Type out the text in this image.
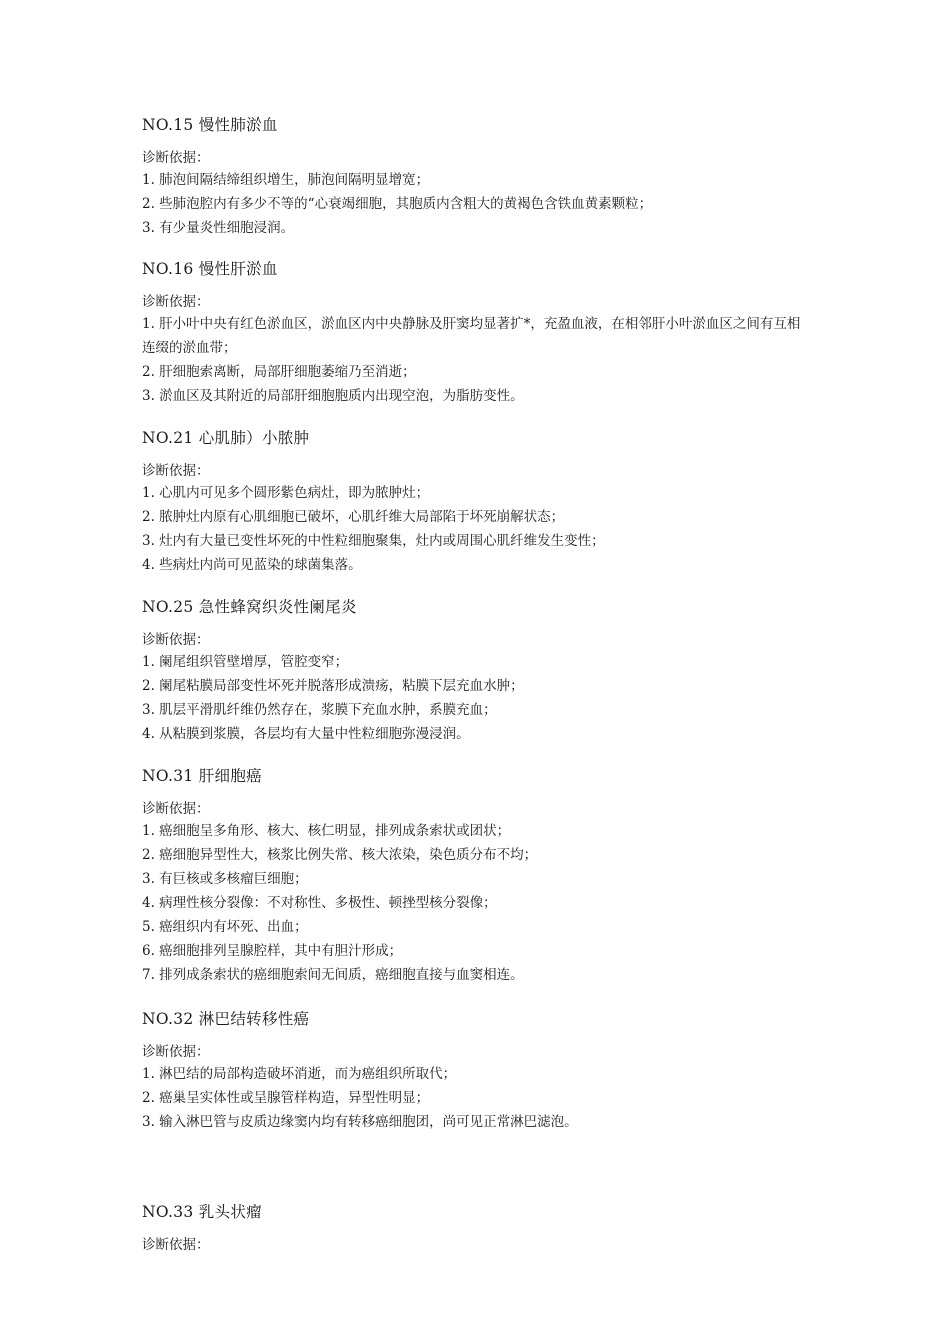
NO.15 慢性肺淤血
诊断依据：
1. 肺泡间隔结缔组织增生，肺泡间隔明显增宽；
2. 些肺泡腔内有多少不等的“心衰竭细胞，其胞质内含粗大的黄褐色含铁血黄素颗粒；
3. 有少量炎性细胞浸润。
NO.16 慢性肝淤血
诊断依据：
1. 肝小叶中央有红色淤血区，淤血区内中央静脉及肝窦均显著扩*，充盈血液，在相邻肝小叶淤血区之间有互相连缀的淤血带；
2. 肝细胞索离断，局部肝细胞萎缩乃至消逝；
3. 淤血区及其附近的局部肝细胞胞质内出现空泡，为脂肪变性。
NO.21 心肌肺）小脓肿
诊断依据：
1. 心肌内可见多个圆形紫色病灶，即为脓肿灶；
2. 脓肿灶内原有心肌细胞已破坏，心肌纤维大局部陷于坏死崩解状态；
3. 灶内有大量已变性坏死的中性粒细胞聚集，灶内或周围心肌纤维发生变性；
4. 些病灶内尚可见蓝染的球菌集落。
NO.25 急性蜂窝织炎性阑尾炎
诊断依据：
1. 阑尾组织管壁增厚，管腔变窄；
2. 阑尾粘膜局部变性坏死并脱落形成溃疡，粘膜下层充血水肿；
3. 肌层平滑肌纤维仍然存在，浆膜下充血水肿，系膜充血；
4. 从粘膜到浆膜，各层均有大量中性粒细胞弥漫浸润。
NO.31 肝细胞癌
诊断依据：
1. 癌细胞呈多角形、核大、核仁明显，排列成条索状或团状；
2. 癌细胞异型性大，核浆比例失常、核大浓染，染色质分布不均；
3. 有巨核或多核瘤巨细胞；
4. 病理性核分裂像：不对称性、多极性、顿挫型核分裂像；
5. 癌组织内有坏死、出血；
6. 癌细胞排列呈腺腔样，其中有胆汁形成；
7. 排列成条索状的癌细胞索间无间质，癌细胞直接与血窦相连。
NO.32 淋巴结转移性癌
诊断依据：
1. 淋巴结的局部构造破坏消逝，而为癌组织所取代；
2. 癌巢呈实体性或呈腺管样构造，异型性明显；
3. 输入淋巴管与皮质边缘窦内均有转移癌细胞团，尚可见正常淋巴滤泡。
NO.33 乳头状瘤
诊断依据：
